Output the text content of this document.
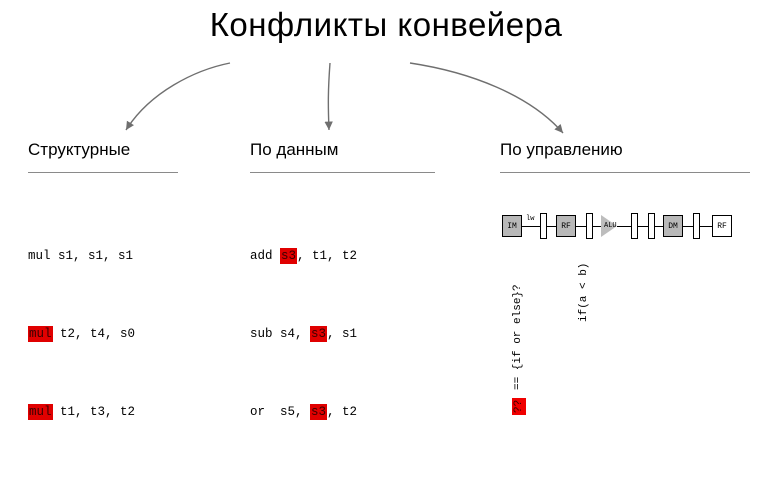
Конфликты конвейера
Структурные

mul s1, s1, s1

mul t2, t4, s0

mul t1, t3, t2

По данным

add s3, t1, t2

sub s4, s3, s1

or  s5, s3, t2

По управлению
IM
lw
RF	ALU	DM	RF
if(a < b)
== {if or else}?
??
